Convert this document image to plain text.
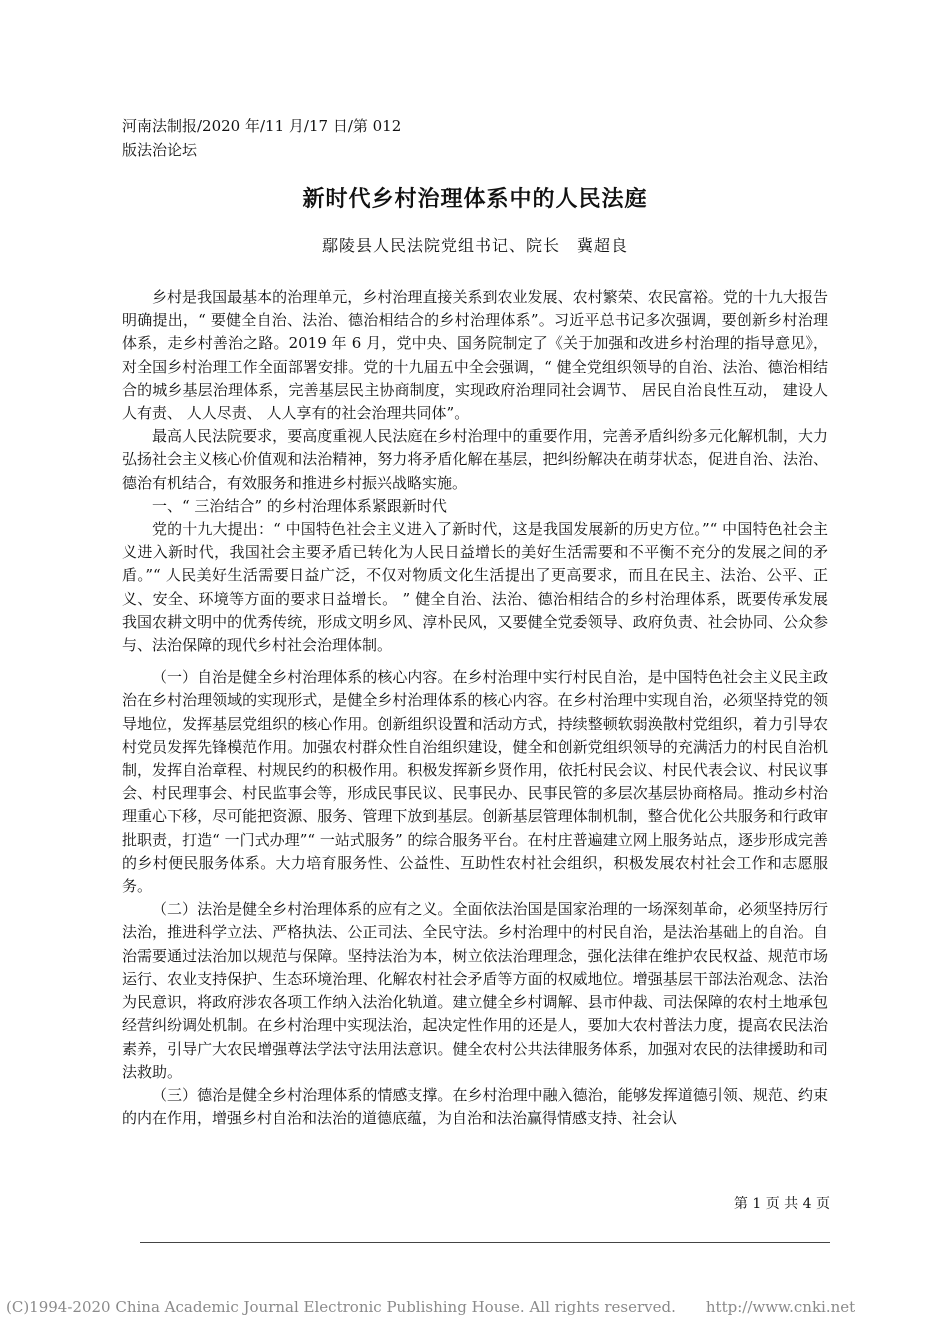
河南法制报/2020 年/11 月/17 日/第 012
版法治论坛
新时代乡村治理体系中的人民法庭
鄢陵县人民法院党组书记、院长　冀超良

乡村是我国最基本的治理单元，乡村治理直接关系到农业发展、农村繁荣、农民富裕。党的十九大报告明确提出，“ 要健全自治、法治、德治相结合的乡村治理体系”。习近平总书记多次强调，要创新乡村治理体系，走乡村善治之路。2019 年 6 月，党中央、国务院制定了《关于加强和改进乡村治理的指导意见》，对全国乡村治理工作全面部署安排。党的十九届五中全会强调，“ 健全党组织领导的自治、法治、德治相结合的城乡基层治理体系，完善基层民主协商制度，实现政府治理同社会调节、 居民自治良性互动， 建设人人有责、 人人尽责、 人人享有的社会治理共同体”。

最高人民法院要求，要高度重视人民法庭在乡村治理中的重要作用，完善矛盾纠纷多元化解机制，大力弘扬社会主义核心价值观和法治精神，努力将矛盾化解在基层，把纠纷解决在萌芽状态，促进自治、法治、德治有机结合，有效服务和推进乡村振兴战略实施。

一、“ 三治结合” 的乡村治理体系紧跟新时代

党的十九大提出：“ 中国特色社会主义进入了新时代，这是我国发展新的历史方位。”“ 中国特色社会主义进入新时代，我国社会主要矛盾已转化为人民日益增长的美好生活需要和不平衡不充分的发展之间的矛盾。”“ 人民美好生活需要日益广泛，不仅对物质文化生活提出了更高要求，而且在民主、法治、公平、正义、安全、环境等方面的要求日益增长。 ” 健全自治、法治、德治相结合的乡村治理体系，既要传承发展我国农耕文明中的优秀传统，形成文明乡风、淳朴民风，又要健全党委领导、政府负责、社会协同、公众参与、法治保障的现代乡村社会治理体制。

（一）自治是健全乡村治理体系的核心内容。在乡村治理中实行村民自治，是中国特色社会主义民主政治在乡村治理领域的实现形式，是健全乡村治理体系的核心内容。在乡村治理中实现自治，必须坚持党的领导地位，发挥基层党组织的核心作用。创新组织设置和活动方式，持续整顿软弱涣散村党组织，着力引导农村党员发挥先锋模范作用。加强农村群众性自治组织建设，健全和创新党组织领导的充满活力的村民自治机制，发挥自治章程、村规民约的积极作用。积极发挥新乡贤作用，依托村民会议、村民代表会议、村民议事会、村民理事会、村民监事会等，形成民事民议、民事民办、民事民管的多层次基层协商格局。推动乡村治理重心下移，尽可能把资源、服务、管理下放到基层。创新基层管理体制机制，整合优化公共服务和行政审批职责，打造“ 一门式办理”“ 一站式服务” 的综合服务平台。在村庄普遍建立网上服务站点，逐步形成完善的乡村便民服务体系。大力培育服务性、公益性、互助性农村社会组织，积极发展农村社会工作和志愿服务。

（二）法治是健全乡村治理体系的应有之义。全面依法治国是国家治理的一场深刻革命，必须坚持厉行法治，推进科学立法、严格执法、公正司法、全民守法。乡村治理中的村民自治，是法治基础上的自治。自治需要通过法治加以规范与保障。坚持法治为本，树立依法治理理念，强化法律在维护农民权益、规范市场运行、农业支持保护、生态环境治理、化解农村社会矛盾等方面的权威地位。增强基层干部法治观念、法治为民意识，将政府涉农各项工作纳入法治化轨道。建立健全乡村调解、县市仲裁、司法保障的农村土地承包经营纠纷调处机制。在乡村治理中实现法治，起决定性作用的还是人，要加大农村普法力度，提高农民法治素养，引导广大农民增强尊法学法守法用法意识。健全农村公共法律服务体系，加强对农民的法律援助和司法救助。

（三）德治是健全乡村治理体系的情感支撑。在乡村治理中融入德治，能够发挥道德引领、规范、约束的内在作用，增强乡村自治和法治的道德底蕴，为自治和法治赢得情感支持、社会认

第 1 页 共 4 页
(C)1994-2020 China Academic Journal Electronic Publishing House. All rights reserved.　　http://www.cnki.net
